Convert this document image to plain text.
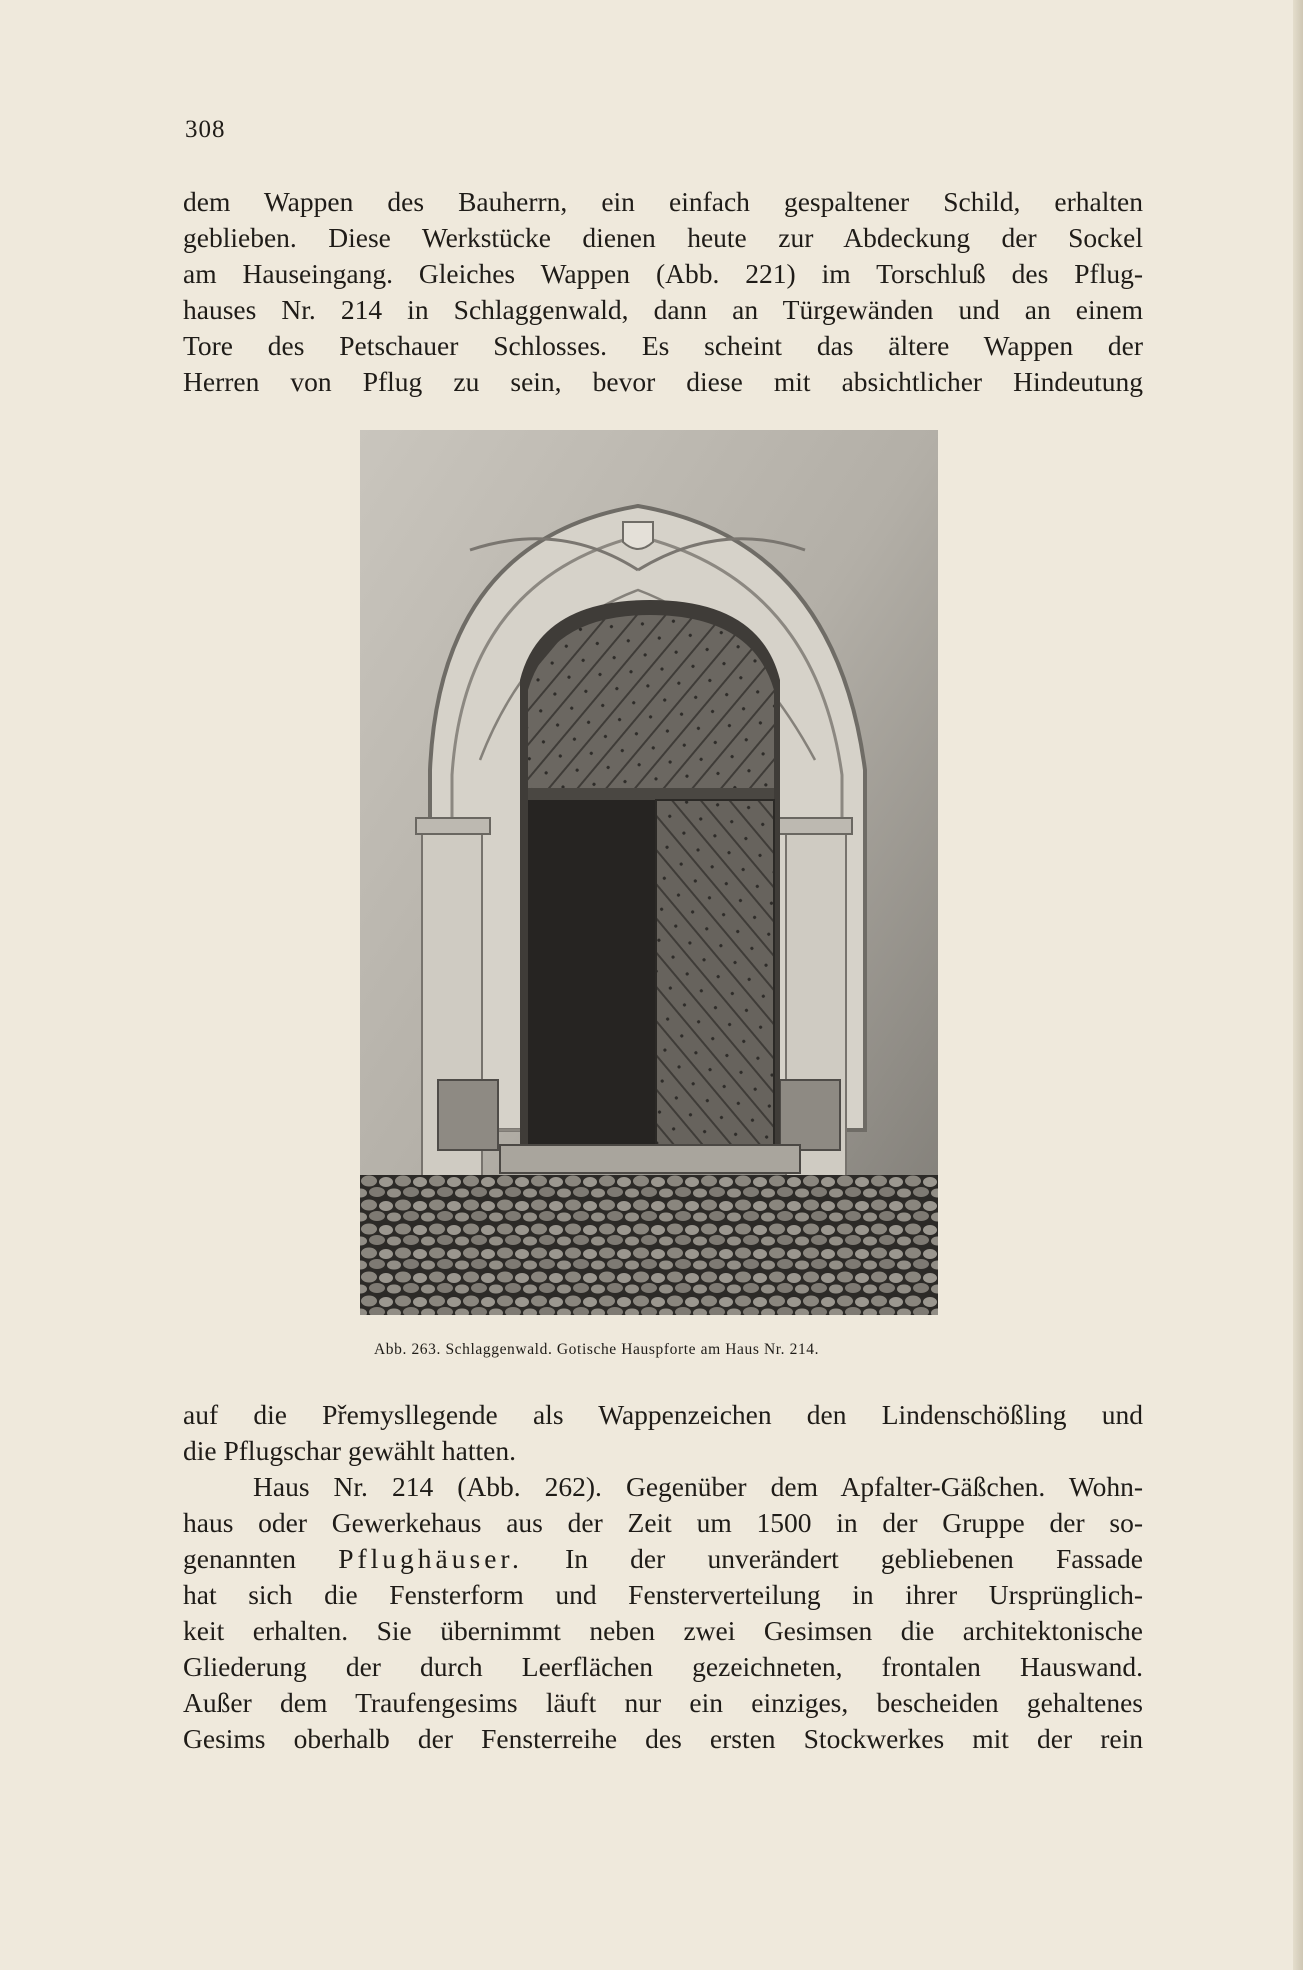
308
dem Wappen des Bauherrn, ein einfach gespaltener Schild, erhalten
geblieben. Diese Werkstücke dienen heute zur Abdeckung der Sockel
am Hauseingang. Gleiches Wappen (Abb. 221) im Torschluß des Pflug-
hauses Nr. 214 in Schlaggenwald, dann an Türgewänden und an einem
Tore des Petschauer Schlosses. Es scheint das ältere Wappen der
Herren von Pflug zu sein, bevor diese mit absichtlicher Hindeutung
Abb. 263. Schlaggenwald. Gotische Hauspforte am Haus Nr. 214.
auf die Přemysllegende als Wappenzeichen den Lindenschößling und
die Pflugschar gewählt hatten.
Haus Nr. 214 (Abb. 262). Gegenüber dem Apfalter-Gäßchen. Wohn-
haus oder Gewerkehaus aus der Zeit um 1500 in der Gruppe der so-
genannten Pflughäuser. In der unverändert gebliebenen Fassade
hat sich die Fensterform und Fensterverteilung in ihrer Ursprünglich-
keit erhalten. Sie übernimmt neben zwei Gesimsen die architektonische
Gliederung der durch Leerflächen gezeichneten, frontalen Hauswand.
Außer dem Traufengesims läuft nur ein einziges, bescheiden gehaltenes
Gesims oberhalb der Fensterreihe des ersten Stockwerkes mit der rein
